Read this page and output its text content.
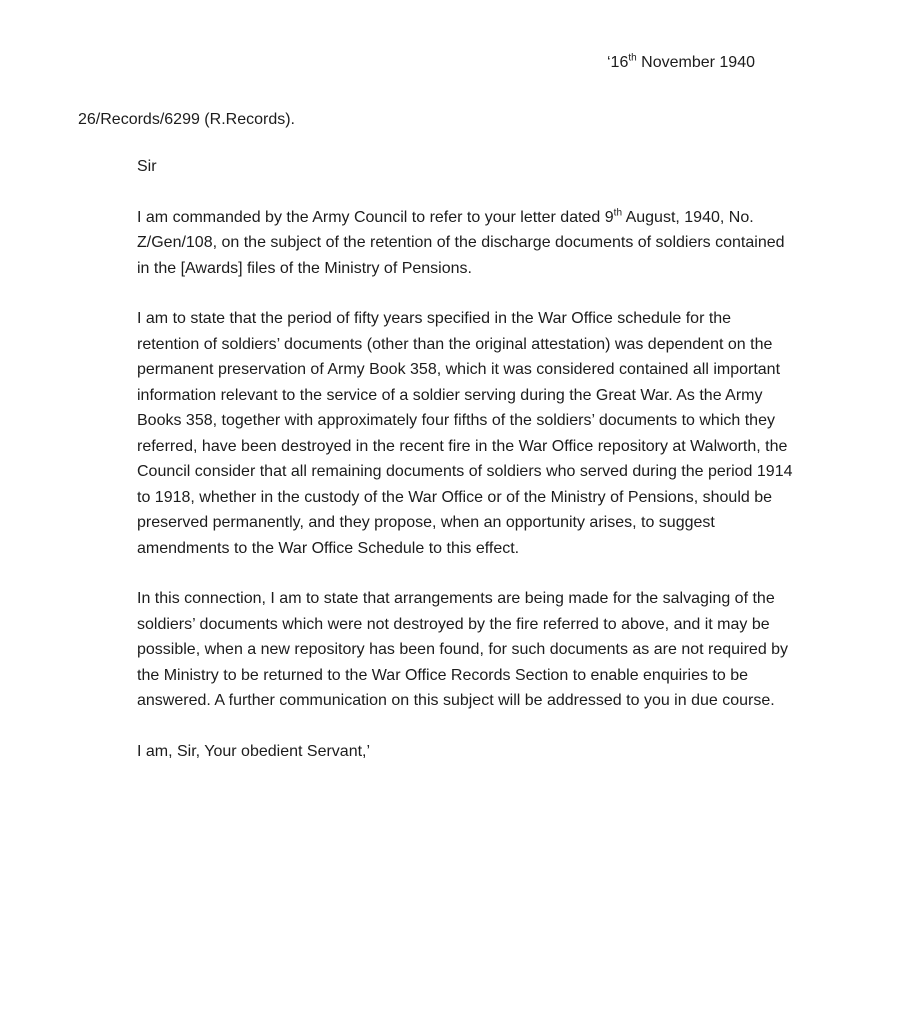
‘16th November 1940
26/Records/6299 (R.Records).
Sir
I am commanded by the Army Council to refer to your letter dated 9th August, 1940, No. Z/Gen/108, on the subject of the retention of the discharge documents of soldiers contained in the [Awards] files of the Ministry of Pensions.
I am to state that the period of fifty years specified in the War Office schedule for the retention of soldiers’ documents (other than the original attestation) was dependent on the permanent preservation of Army Book 358, which it was considered contained all important information relevant to the service of a soldier serving during the Great War. As the Army Books 358, together with approximately four fifths of the soldiers’ documents to which they referred, have been destroyed in the recent fire in the War Office repository at Walworth, the Council consider that all remaining documents of soldiers who served during the period 1914 to 1918, whether in the custody of the War Office or of the Ministry of Pensions, should be preserved permanently, and they propose, when an opportunity arises, to suggest amendments to the War Office Schedule to this effect.
In this connection, I am to state that arrangements are being made for the salvaging of the soldiers’ documents which were not destroyed by the fire referred to above, and it may be possible, when a new repository has been found, for such documents as are not required by the Ministry to be returned to the War Office Records Section to enable enquiries to be answered. A further communication on this subject will be addressed to you in due course.
I am, Sir, Your obedient Servant,’
